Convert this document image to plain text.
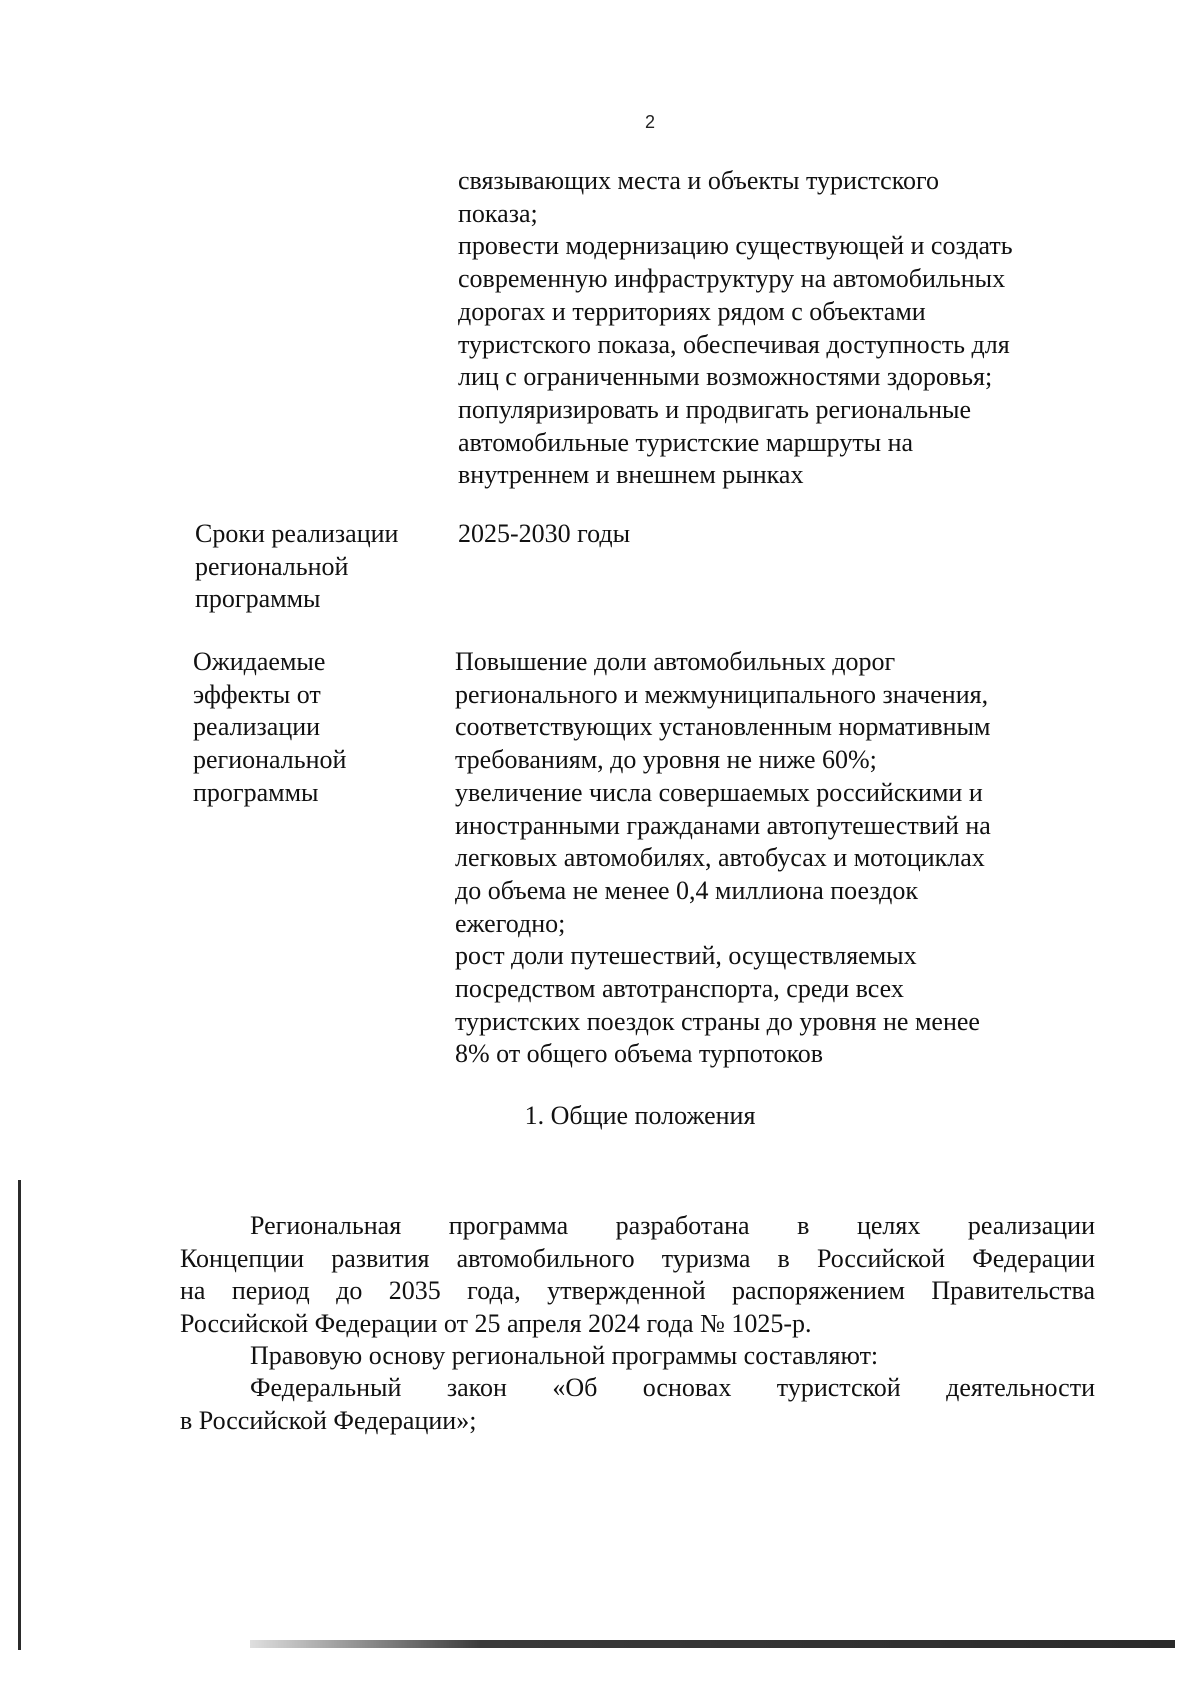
2
связывающих места и объекты туристского
показа;
провести модернизацию существующей и создать
современную инфраструктуру на автомобильных
дорогах и территориях рядом с объектами
туристского показа, обеспечивая доступность для
лиц с ограниченными возможностями здоровья;
популяризировать и продвигать региональные
автомобильные туристские маршруты на
внутреннем и внешнем рынках
Сроки реализации
региональной
программы
2025-2030 годы
Ожидаемые
эффекты от
реализации
региональной
программы
Повышение доли автомобильных дорог
регионального и межмуниципального значения,
соответствующих установленным нормативным
требованиям, до уровня не ниже 60%;
увеличение числа совершаемых российскими и
иностранными гражданами автопутешествий на
легковых автомобилях, автобусах и мотоциклах
до объема не менее 0,4 миллиона поездок
ежегодно;
рост доли путешествий, осуществляемых
посредством автотранспорта, среди всех
туристских поездок страны до уровня не менее
8% от общего объема турпотоков
1. Общие положения
Региональная программа разработана в целях реализации
Концепции развития автомобильного туризма в Российской Федерации
на период до 2035 года, утвержденной распоряжением Правительства
Российской Федерации от 25 апреля 2024 года № 1025-р.
Правовую основу региональной программы составляют:
Федеральный закон «Об основах туристской деятельности
в Российской Федерации»;
